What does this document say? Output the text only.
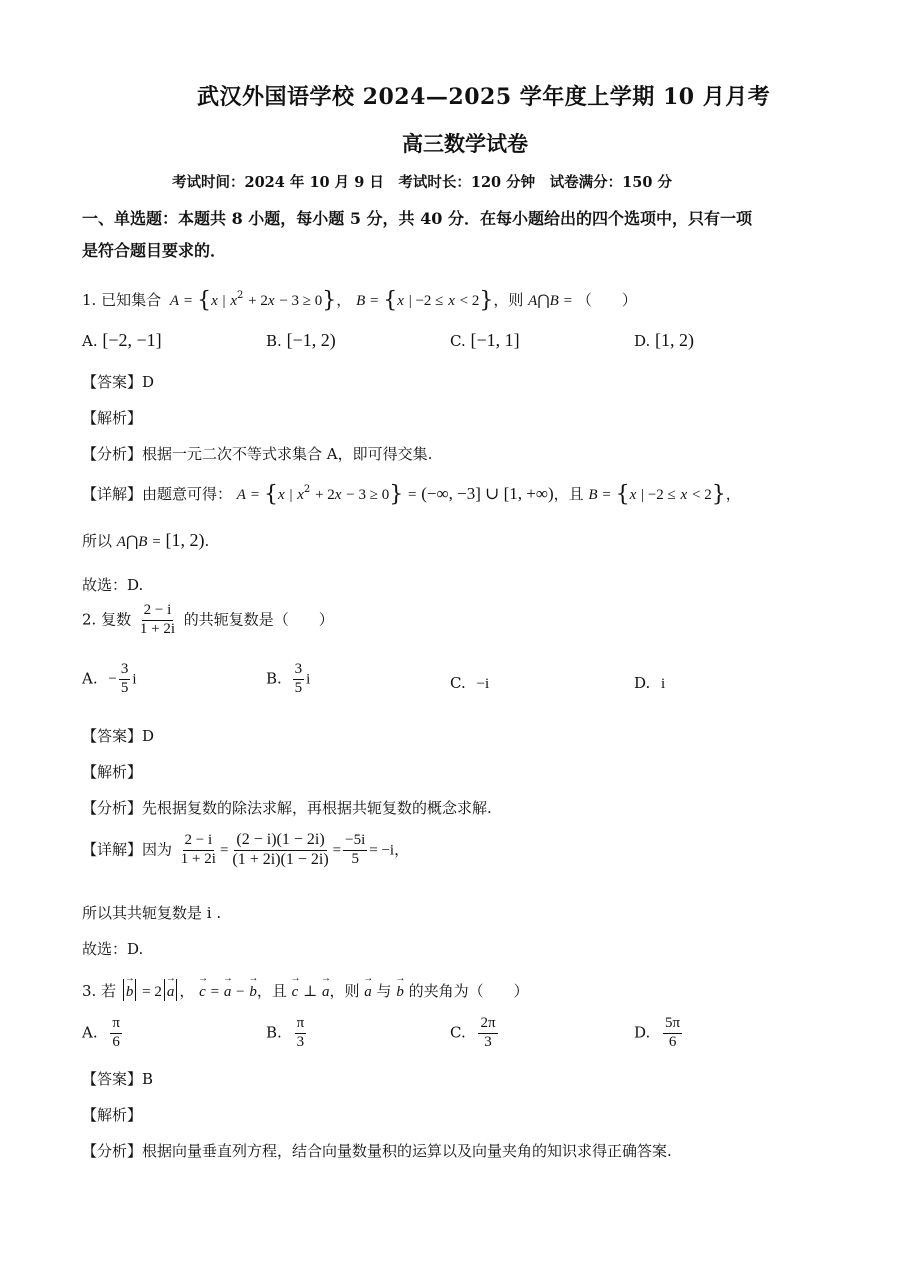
武汉外国语学校 2024—2025 学年度上学期 10 月月考
高三数学试卷
考试时间：2024 年 10 月 9 日　考试时长：120 分钟　试卷满分：150 分
一、单选题：本题共 8 小题，每小题 5 分，共 40 分．在每小题给出的四个选项中，只有一项
是符合题目要求的．
1. 已知集合 A = {x | $x^2 + 2x - 3 \ge 0$}， B = {x | −2 ≤ x < 2}，则 A⋂B = （　　）
A. [−2, −1]	B. [−1, 2)	C. [−1, 1]	D. [1, 2)
【答案】D
【解析】
【分析】根据一元二次不等式求集合 A，即可得交集.
【详解】由题意可得： A = {x | $x^2 + 2x - 3 \ge 0$} = (−∞, −3] ∪ [1, +∞)，且 B = {x | −2 ≤ x < 2}，
所以 A⋂B = [1, 2).
故选：D.
2. 复数 $\frac{2 - i}{1 + 2i}$ 的共轭复数是（　　）
A. − $\frac{3}{5}$ i	B. $\frac{3}{5}$ i	C. −i	D. i
【答案】D
【解析】
【分析】先根据复数的除法求解，再根据共轭复数的概念求解.
【详解】因为 $\frac{2 - i}{1 + 2i} = \frac{(2 - i)(1 - 2i)}{(1 + 2i)(1 - 2i)} = \frac{-5i}{5} = -i$，
所以其共轭复数是 i .
故选：D.
3. 若 → b = 2 → a ， → c = → a − → b，且 → c ⊥ → a，则 → a 与 → b 的夹角为（　　）
A. $\frac{\pi}{6}$	B. $\frac{\pi}{3}$	C. $\frac{2\pi}{3}$	D. $\frac{5\pi}{6}$
【答案】B
【解析】
【分析】根据向量垂直列方程，结合向量数量积的运算以及向量夹角的知识求得正确答案.
